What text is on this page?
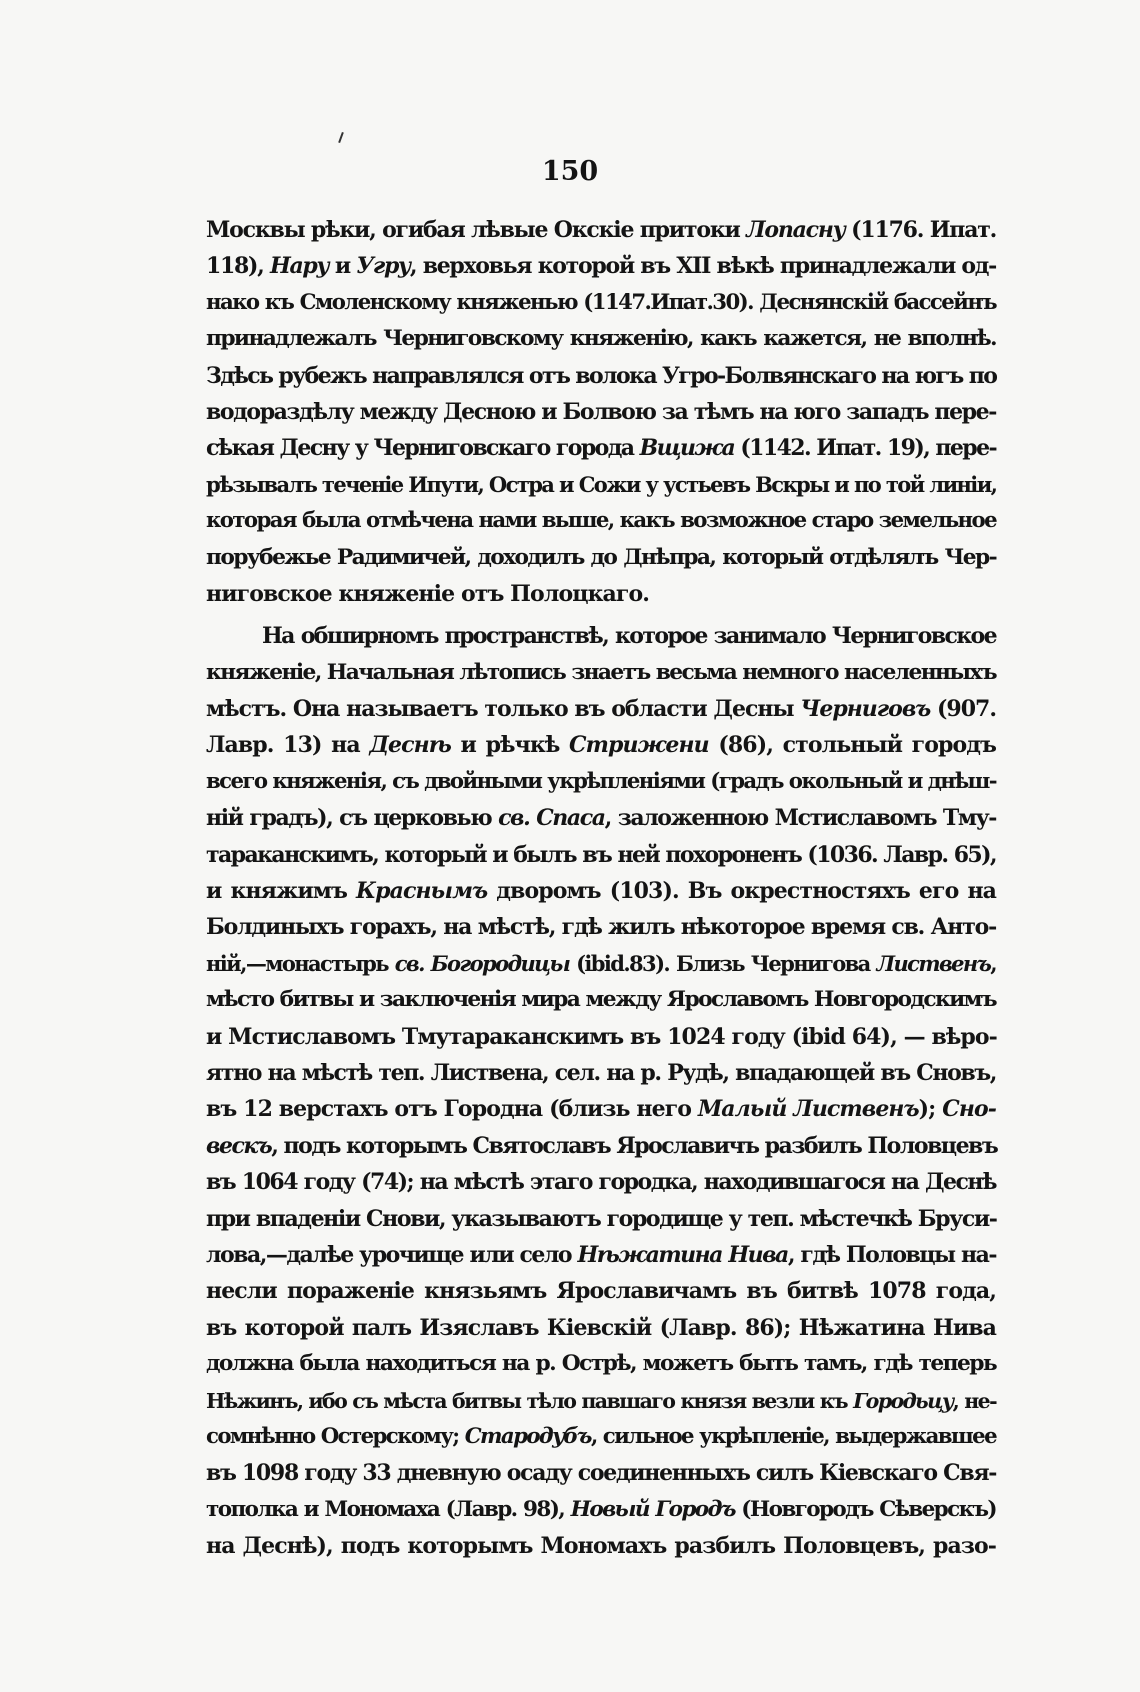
150
Москвы рѣки, огибая лѣвые Окскіе притоки Лопасну (1176. Ипат.
118), Нару и Угру, верховья которой въ XII вѣкѣ принадлежали од-
нако къ Смоленскому княженью (1147.Ипат.30). Деснянскій бассейнъ
принадлежалъ Черниговскому княженію, какъ кажется, не вполнѣ.
Здѣсь рубежъ направлялся отъ волока Угро-Болвянскаго на югъ по
водораздѣлу между Десною и Болвою за тѣмъ на юго западъ пере-
сѣкая Десну у Черниговскаго города Вщижа (1142. Ипат. 19), пере-
рѣзывалъ теченіе Ипути, Остра и Сожи у устьевъ Вскры и по той линіи,
которая была отмѣчена нами выше, какъ возможное старо земельное
порубежье Радимичей, доходилъ до Днѣпра, который отдѣлялъ Чер-
ниговское княженіе отъ Полоцкаго.
На обширномъ пространствѣ, которое занимало Черниговское
княженіе, Начальная лѣтопись знаетъ весьма немного населенныхъ
мѣстъ. Она называетъ только въ области Десны Черниговъ (907.
Лавр. 13) на Деснѣ и рѣчкѣ Стрижени (86), стольный городъ
всего княженія, съ двойными укрѣпленіями (градъ окольный и днѣш-
ній градъ), съ церковью св. Спаса, заложенною Мстиславомъ Тму-
тараканскимъ, который и былъ въ ней похороненъ (1036. Лавр. 65),
и княжимъ Краснымъ дворомъ (103). Въ окрестностяхъ его на
Болдиныхъ горахъ, на мѣстѣ, гдѣ жилъ нѣкоторое время св. Анто-
ній,—монастырь св. Богородицы (ibid.83). Близь Чернигова Лиственъ,
мѣсто битвы и заключенія мира между Ярославомъ Новгородскимъ
и Мстиславомъ Тмутараканскимъ въ 1024 году (ibid 64), — вѣро-
ятно на мѣстѣ теп. Листвена, сел. на р. Рудѣ, впадающей въ Сновъ,
въ 12 верстахъ отъ Городна (близь него Малый Лиственъ); Сно-
вескъ, подъ которымъ Святославъ Ярославичъ разбилъ Половцевъ
въ 1064 году (74); на мѣстѣ этаго городка, находившагося на Деснѣ
при впаденіи Снови, указываютъ городище у теп. мѣстечкѣ Бруси-
лова,—далѣе урочище или село Нѣжатина Нива, гдѣ Половцы на-
несли пораженіе князьямъ Ярославичамъ въ битвѣ 1078 года,
въ которой палъ Изяславъ Кіевскій (Лавр. 86); Нѣжатина Нива
должна была находиться на р. Острѣ, можетъ быть тамъ, гдѣ теперь
Нѣжинъ, ибо съ мѣста битвы тѣло павшаго князя везли къ Городьцу, не-
сомнѣнно Остерскому; Стародубъ, сильное укрѣпленіе, выдержавшее
въ 1098 году 33 дневную осаду соединенныхъ силъ Кіевскаго Свя-
тополка и Мономаха (Лавр. 98), Новый Городъ (Новгородъ Сѣверскъ)
на Деснѣ), подъ которымъ Мономахъ разбилъ Половцевъ, разо-
